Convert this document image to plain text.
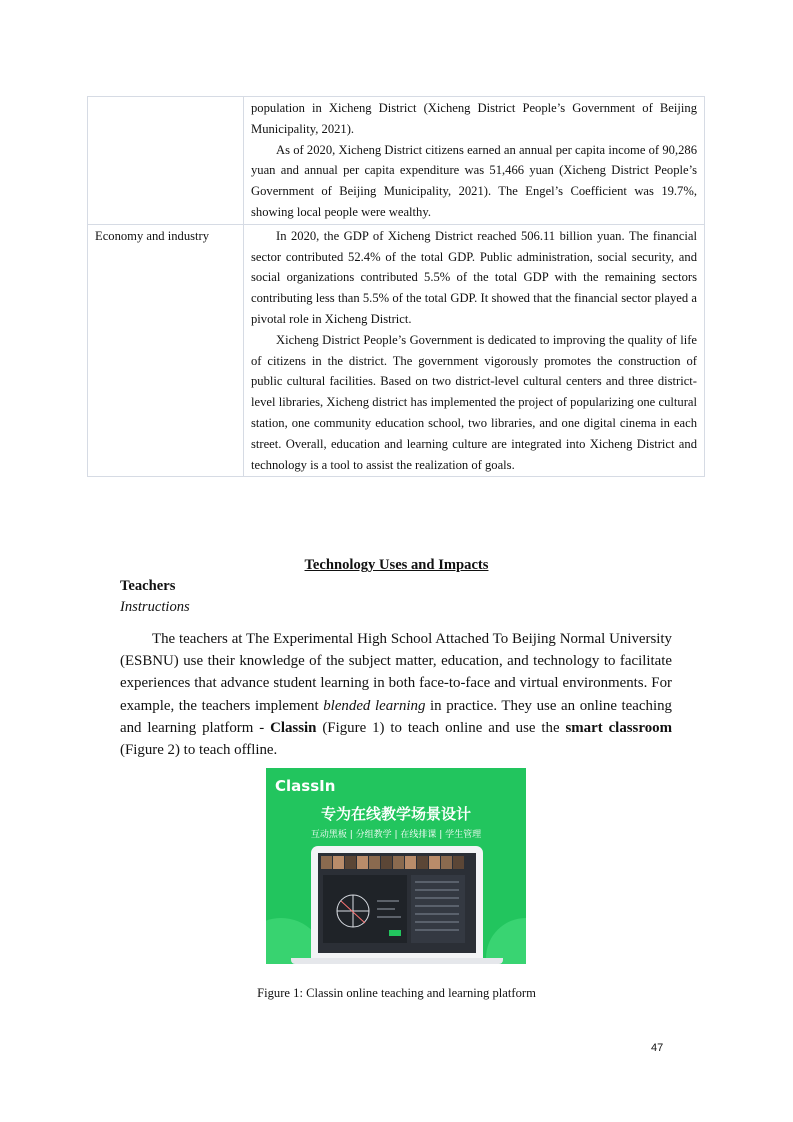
	population in Xicheng District (Xicheng District People’s Government of Beijing Municipality, 2021).

As of 2020, Xicheng District citizens earned an annual per capita income of 90,286 yuan and annual per capita expenditure was 51,466 yuan (Xicheng District People’s Government of Beijing Municipality, 2021). The Engel’s Coefficient was 19.7%, showing local people were wealthy.

Economy and industry	In 2020, the GDP of Xicheng District reached 506.11 billion yuan. The financial sector contributed 52.4% of the total GDP. Public administration, social security, and social organizations contributed 5.5% of the total GDP with the remaining sectors contributing less than 5.5% of the total GDP. It showed that the financial sector played a pivotal role in Xicheng District.

Xicheng District People’s Government is dedicated to improving the quality of life of citizens in the district. The government vigorously promotes the construction of public cultural facilities. Based on two district-level cultural centers and three district-level libraries, Xicheng district has implemented the project of popularizing one cultural station, one community education school, two libraries, and one digital cinema in each street. Overall, education and learning culture are integrated into Xicheng District and technology is a tool to assist the realization of goals.

Technology Uses and Impacts
Teachers
Instructions

The teachers at The Experimental High School Attached To Beijing Normal University (ESBNU) use their knowledge of the subject matter, education, and technology to facilitate experiences that advance student learning in both face-to-face and virtual environments. For example, the teachers implement blended learning in practice. They use an online teaching and learning platform - Classin (Figure 1) to teach online and use the smart classroom (Figure 2) to teach offline.

ClassIn
专为在线教学场景设计
互动黑板 | 分组教学 | 在线排课 | 学生管理
Figure 1: Classin online teaching and learning platform
47
